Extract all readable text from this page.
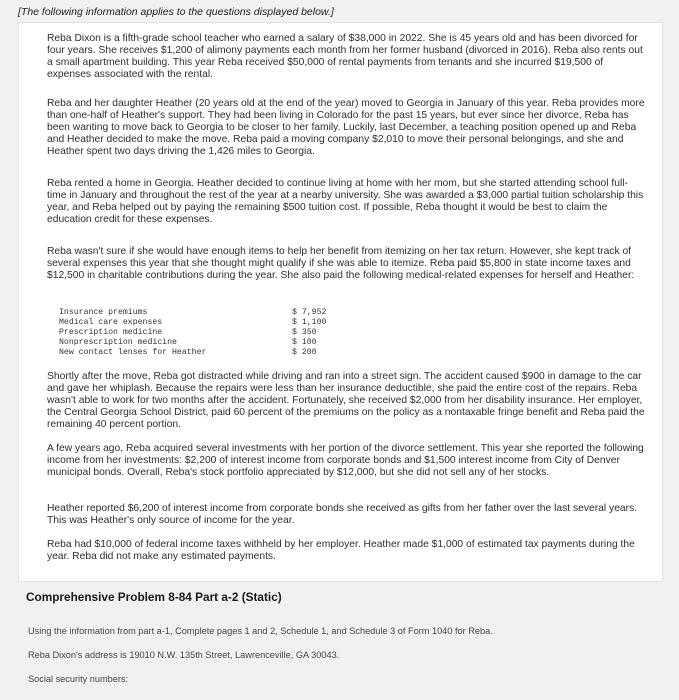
[The following information applies to the questions displayed below.]

Reba Dixon is a fifth-grade school teacher who earned a salary of $38,000 in 2022. She is 45 years old and has been divorced for four years. She receives $1,200 of alimony payments each month from her former husband (divorced in 2016). Reba also rents out a small apartment building. This year Reba received $50,000 of rental payments from tenants and she incurred $19,500 of expenses associated with the rental.

Reba and her daughter Heather (20 years old at the end of the year) moved to Georgia in January of this year. Reba provides more than one-half of Heather's support. They had been living in Colorado for the past 15 years, but ever since her divorce, Reba has been wanting to move back to Georgia to be closer to her family. Luckily, last December, a teaching position opened up and Reba and Heather decided to make the move. Reba paid a moving company $2,010 to move their personal belongings, and she and Heather spent two days driving the 1,426 miles to Georgia.

Reba rented a home in Georgia. Heather decided to continue living at home with her mom, but she started attending school full-time in January and throughout the rest of the year at a nearby university. She was awarded a $3,000 partial tuition scholarship this year, and Reba helped out by paying the remaining $500 tuition cost. If possible, Reba thought it would be best to claim the education credit for these expenses.

Reba wasn't sure if she would have enough items to help her benefit from itemizing on her tax return. However, she kept track of several expenses this year that she thought might qualify if she was able to itemize. Reba paid $5,800 in state income taxes and $12,500 in charitable contributions during the year. She also paid the following medical-related expenses for herself and Heather:

Insurance premiums	$ 7,952
Medical care expenses	$ 1,100
Prescription medicine	$ 350
Nonprescription medicine	$ 100
New contact lenses for Heather	$ 200

Shortly after the move, Reba got distracted while driving and ran into a street sign. The accident caused $900 in damage to the car and gave her whiplash. Because the repairs were less than her insurance deductible, she paid the entire cost of the repairs. Reba wasn't able to work for two months after the accident. Fortunately, she received $2,000 from her disability insurance. Her employer, the Central Georgia School District, paid 60 percent of the premiums on the policy as a nontaxable fringe benefit and Reba paid the remaining 40 percent portion.

A few years ago, Reba acquired several investments with her portion of the divorce settlement. This year she reported the following income from her investments: $2,200 of interest income from corporate bonds and $1,500 interest income from City of Denver municipal bonds. Overall, Reba's stock portfolio appreciated by $12,000, but she did not sell any of her stocks.

Heather reported $6,200 of interest income from corporate bonds she received as gifts from her father over the last several years. This was Heather's only source of income for the year.

Reba had $10,000 of federal income taxes withheld by her employer. Heather made $1,000 of estimated tax payments during the year. Reba did not make any estimated payments.

Comprehensive Problem 8-84 Part a-2 (Static)

Using the information from part a-1, Complete pages 1 and 2, Schedule 1, and Schedule 3 of Form 1040 for Reba.

Reba Dixon's address is 19010 N.W. 135th Street, Lawrenceville, GA 30043.

Social security numbers:
